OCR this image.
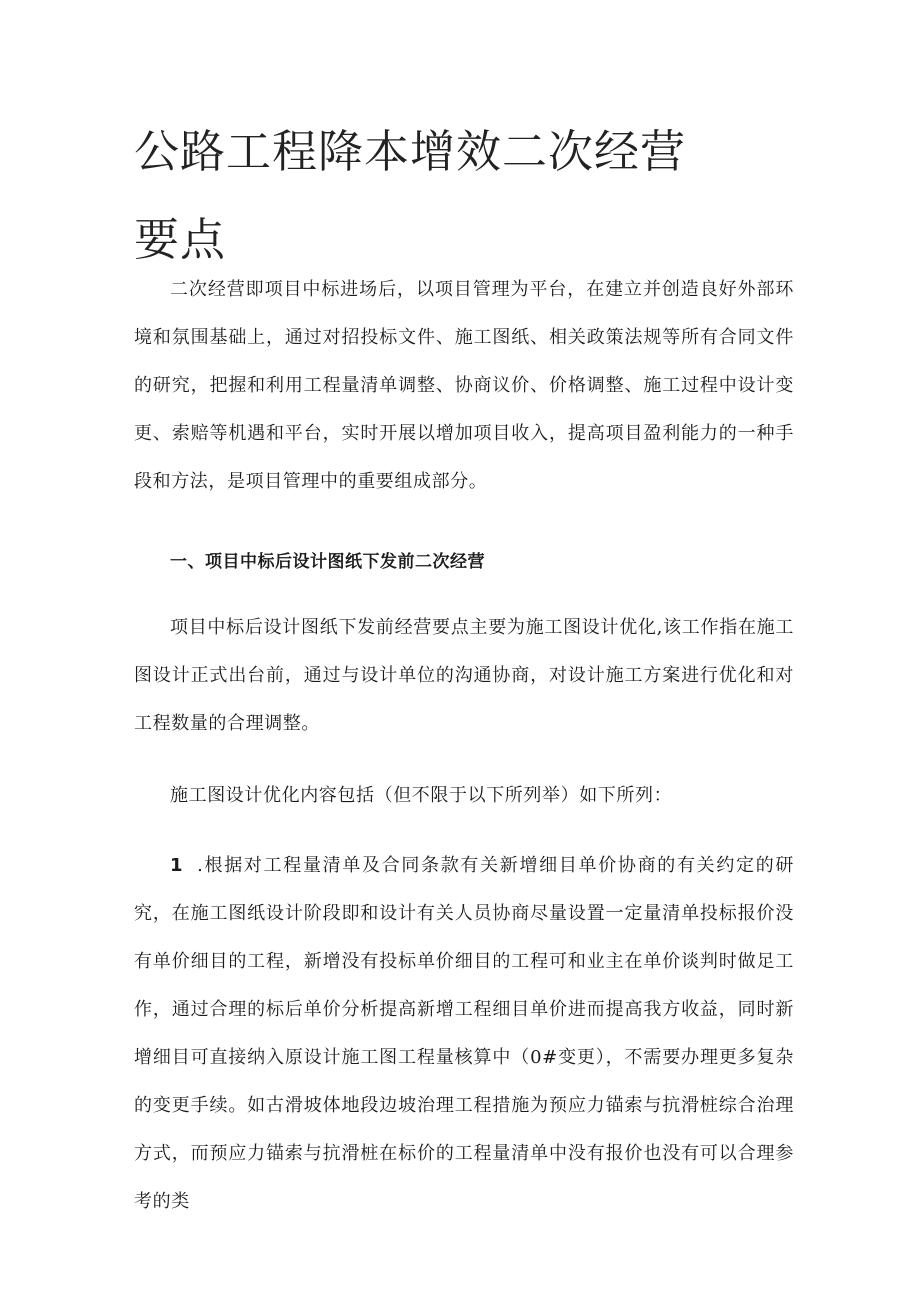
公路工程降本增效二次经营要点

二次经营即项目中标进场后，以项目管理为平台，在建立并创造良好外部环境和氛围基础上，通过对招投标文件、施工图纸、相关政策法规等所有合同文件的研究，把握和利用工程量清单调整、协商议价、价格调整、施工过程中设计变更、索赔等机遇和平台，实时开展以增加项目收入，提高项目盈利能力的一种手段和方法，是项目管理中的重要组成部分。

一、项目中标后设计图纸下发前二次经营

项目中标后设计图纸下发前经营要点主要为施工图设计优化,该工作指在施工图设计正式出台前，通过与设计单位的沟通协商，对设计施工方案进行优化和对工程数量的合理调整。

施工图设计优化内容包括（但不限于以下所列举）如下所列：

1 .根据对工程量清单及合同条款有关新增细目单价协商的有关约定的研究，在施工图纸设计阶段即和设计有关人员协商尽量设置一定量清单投标报价没有单价细目的工程，新增没有投标单价细目的工程可和业主在单价谈判时做足工作，通过合理的标后单价分析提高新增工程细目单价进而提高我方收益，同时新增细目可直接纳入原设计施工图工程量核算中（0#变更），不需要办理更多复杂的变更手续。如古滑坡体地段边坡治理工程措施为预应力锚索与抗滑桩综合治理方式，而预应力锚索与抗滑桩在标价的工程量清单中没有报价也没有可以合理参考的类
